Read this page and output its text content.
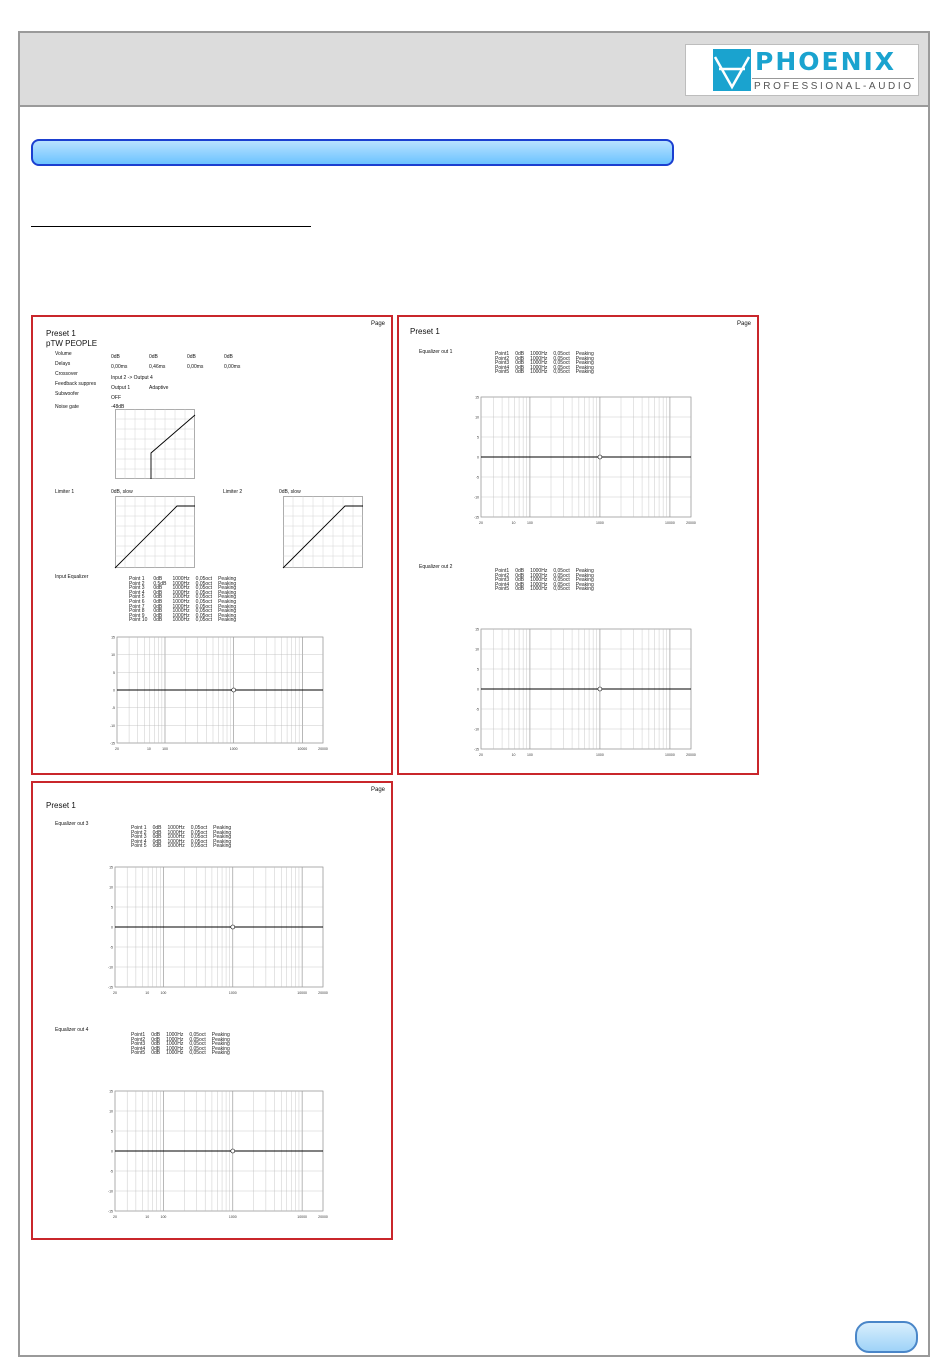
PHOENIX
PROFESSIONAL-AUDIO
Page
Preset 1
pTW PEOPLE
Volume	0dB	0dB	0dB	0dB
Delays	0,00ms	0,46ms	0,00ms	0,00ms
Crossover
Input 2 -> Output 4
Feedback suppres
Output 1	Adaptive
Subwoofer
OFF
Noise gate	-48dB
Limiter 1	0dB, slow	Limiter 2	0dB, slow
Input Equalizer	Point 1	0dB	1000Hz	0,05oct	Peaking
Point 2	0,5dB	1000Hz	0,05oct	Peaking
Point 3	0dB	1000Hz	0,05oct	Peaking
Point 4	0dB	1000Hz	0,05oct	Peaking
Point 5	0dB	1000Hz	0,05oct	Peaking
Point 6	0dB	1000Hz	0,05oct	Peaking
Point 7	0dB	1000Hz	0,05oct	Peaking
Point 8	0dB	1000Hz	0,05oct	Peaking
Point 9	0dB	1000Hz	0,05oct	Peaking
Point 10	0dB	1000Hz	0,05oct	Peaking
15
10
5
0
-5
-10
-15
20	10	100	1000	10000	20000
Page
Preset 1
Equalizer out 1	Point1	0dB	1000Hz	0,05oct	Peaking
Point2	0dB	1000Hz	0,05oct	Peaking
Point3	0dB	1000Hz	0,05oct	Peaking
Point4	0dB	1000Hz	0,05oct	Peaking
Point5	0dB	1000Hz	0,05oct	Peaking
15
10
5
0
-5
-10
-15
20	10	100	1000	10000	20000
Equalizer out 2
Point1	0dB	1000Hz	0,05oct	Peaking
Point2	0dB	1000Hz	0,05oct	Peaking
Point3	0dB	1000Hz	0,05oct	Peaking
Point4	0dB	1000Hz	0,05oct	Peaking
Point5	0dB	1000Hz	0,05oct	Peaking
15
10
5
0
-5
-10
-15
20	10	100	1000	10000	20000
Page
Preset 1
Equalizer out 3
Point 1	0dB	1000Hz	0,05oct	Peaking
Point 2	0dB	1000Hz	0,05oct	Peaking
Point 3	0dB	1000Hz	0,05oct	Peaking
Point 4	0dB	1000Hz	0,05oct	Peaking
Point 5	0dB	1000Hz	0,05oct	Peaking
15
10
5
0
-5
-10
-15
20	10	100	1000	10000	20000
Equalizer out 4
Point1	0dB	1000Hz	0,05oct	Peaking
Point2	0dB	1000Hz	0,05oct	Peaking
Point3	0dB	1000Hz	0,05oct	Peaking
Point4	0dB	1000Hz	0,05oct	Peaking
Point5	0dB	1000Hz	0,05oct	Peaking
15
10
5
0
-5
-10
-15
20	10	100	1000	10000	20000
